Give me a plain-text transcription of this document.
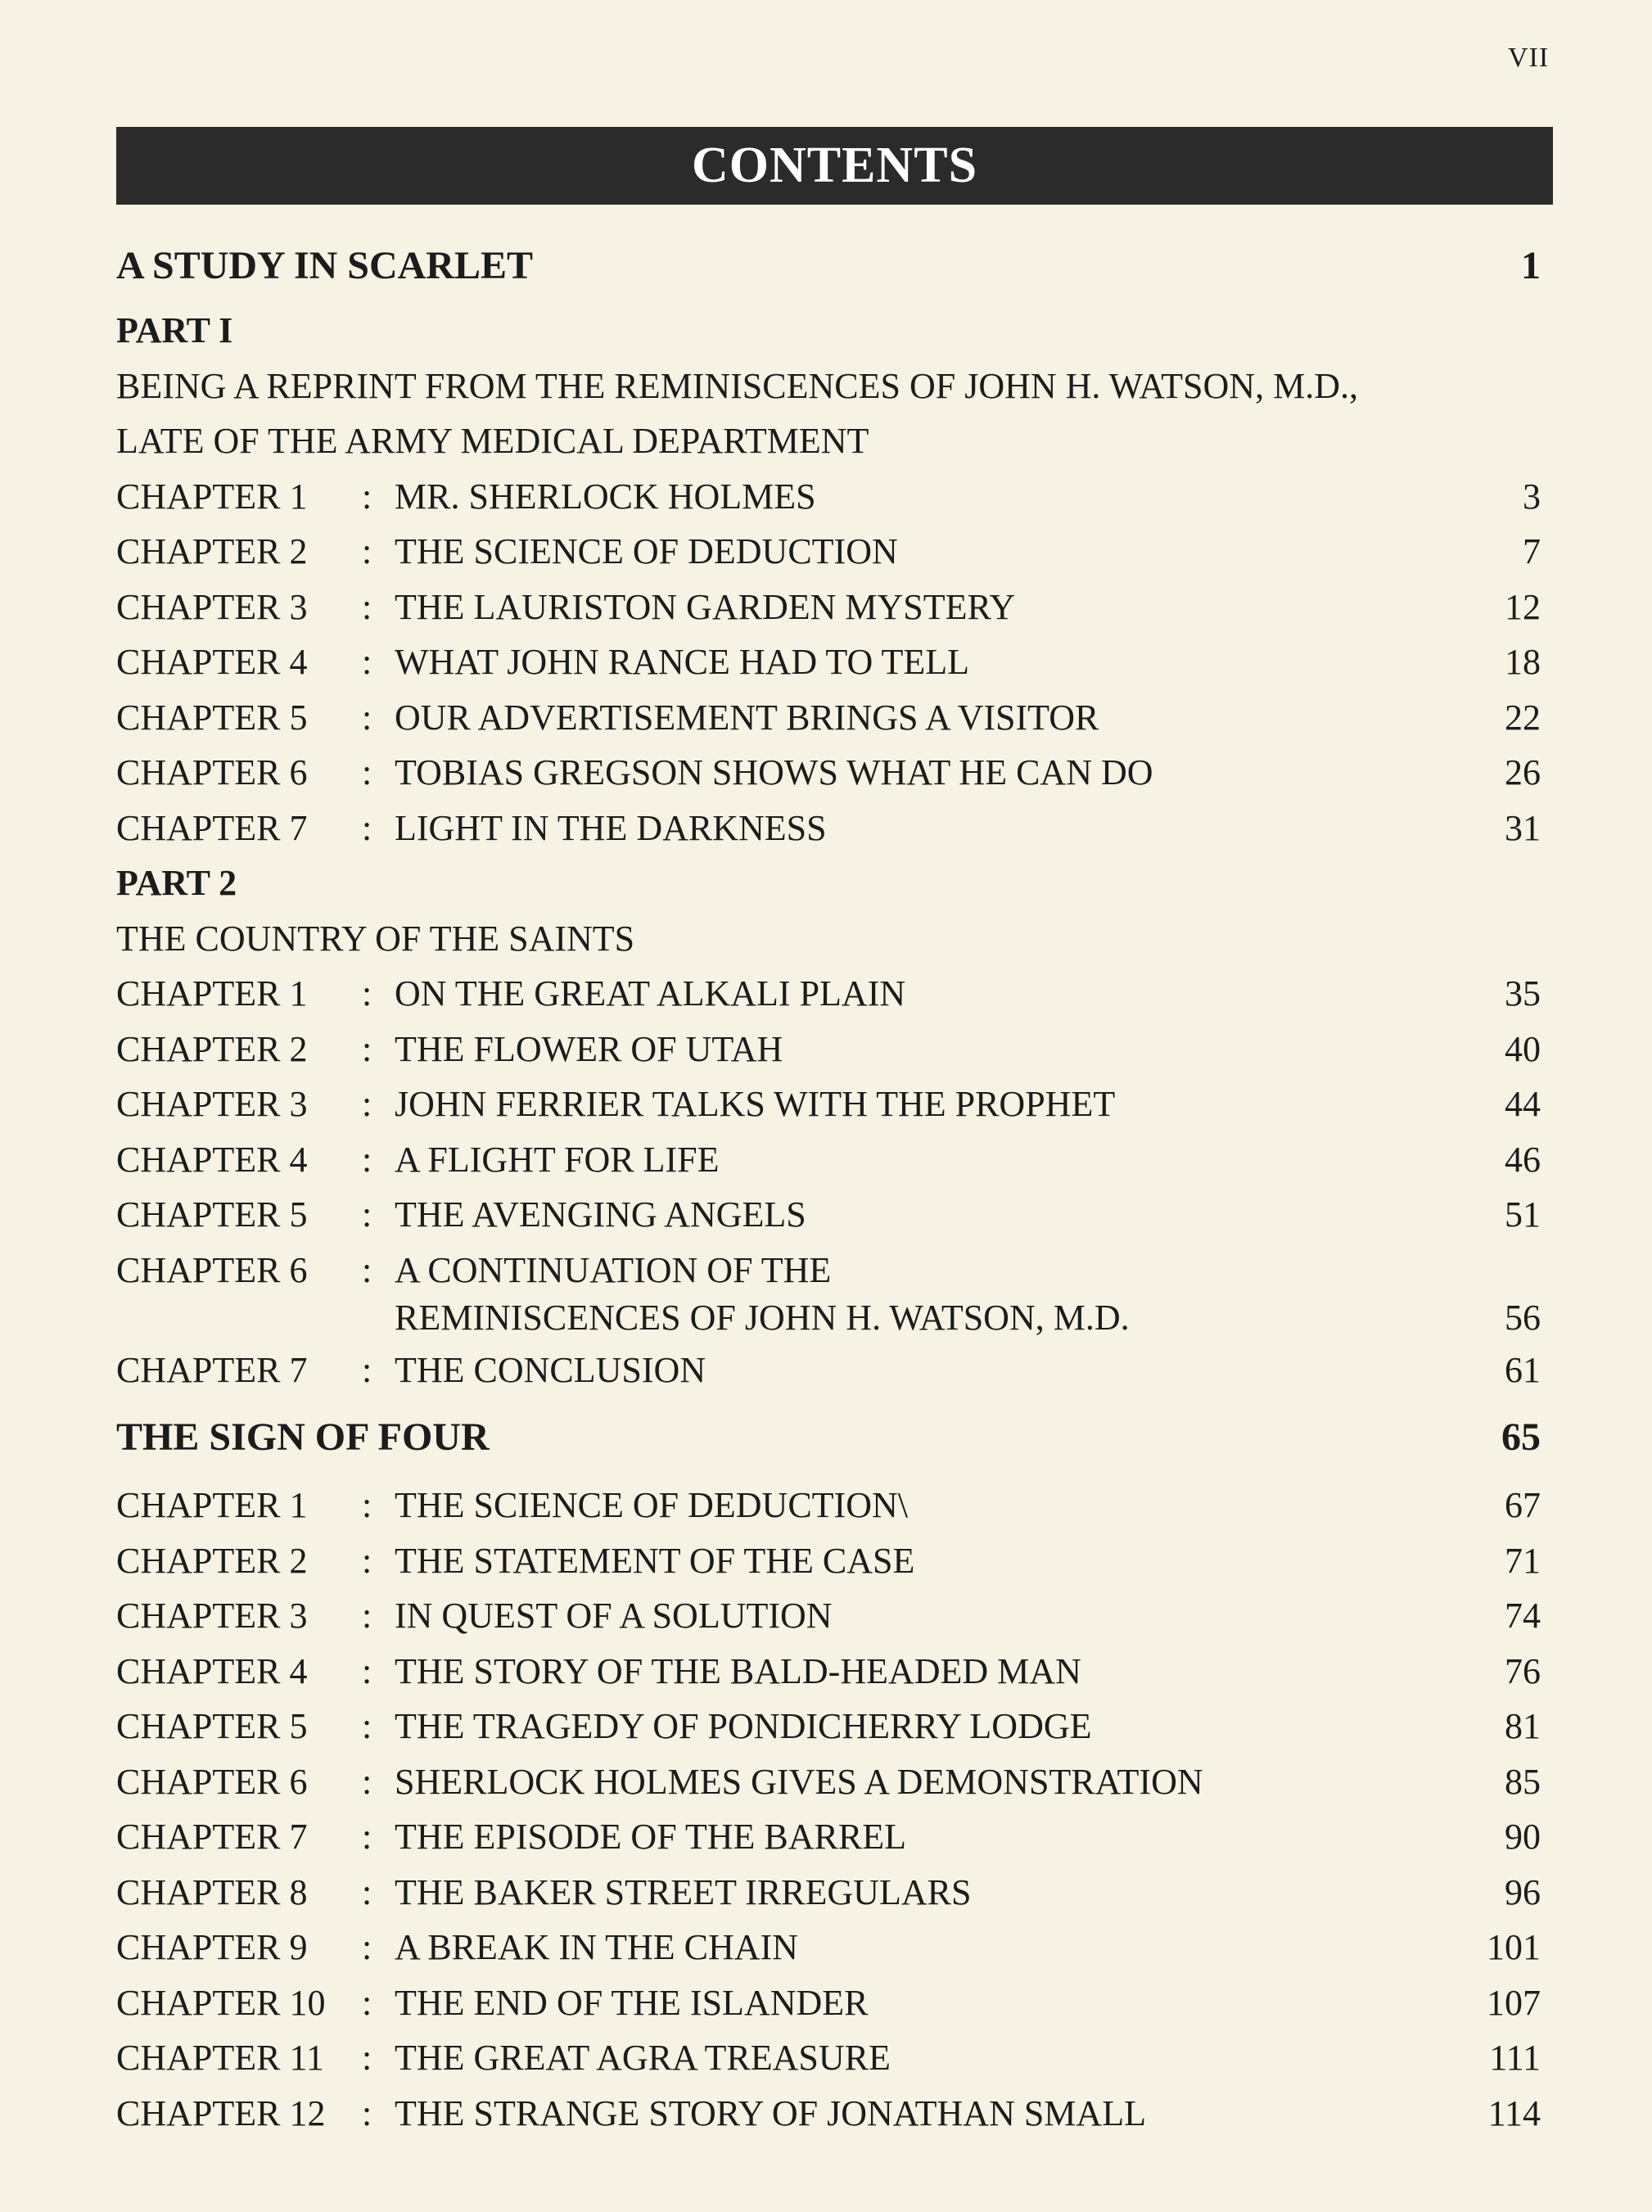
VII
CONTENTS
A STUDY IN SCARLET	1
PART I
BEING A REPRINT FROM THE REMINISCENCES OF JOHN H. WATSON, M.D.,
LATE OF THE ARMY MEDICAL DEPARTMENT
CHAPTER 1 : MR. SHERLOCK HOLMES	3
CHAPTER 2 : THE SCIENCE OF DEDUCTION	7
CHAPTER 3 : THE LAURISTON GARDEN MYSTERY	12
CHAPTER 4 : WHAT JOHN RANCE HAD TO TELL	18
CHAPTER 5 : OUR ADVERTISEMENT BRINGS A VISITOR	22
CHAPTER 6 : TOBIAS GREGSON SHOWS WHAT HE CAN DO	26
CHAPTER 7 : LIGHT IN THE DARKNESS	31
PART 2
THE COUNTRY OF THE SAINTS
CHAPTER 1 : ON THE GREAT ALKALI PLAIN	35
CHAPTER 2 : THE FLOWER OF UTAH	40
CHAPTER 3 : JOHN FERRIER TALKS WITH THE PROPHET	44
CHAPTER 4 : A FLIGHT FOR LIFE	46
CHAPTER 5 : THE AVENGING ANGELS	51
CHAPTER 6 : A CONTINUATION OF THE
REMINISCENCES OF JOHN H. WATSON, M.D.	56
CHAPTER 7 : THE CONCLUSION	61
THE SIGN OF FOUR	65
CHAPTER 1 : THE SCIENCE OF DEDUCTION\	67
CHAPTER 2 : THE STATEMENT OF THE CASE	71
CHAPTER 3 : IN QUEST OF A SOLUTION	74
CHAPTER 4 : THE STORY OF THE BALD-HEADED MAN	76
CHAPTER 5 : THE TRAGEDY OF PONDICHERRY LODGE	81
CHAPTER 6 : SHERLOCK HOLMES GIVES A DEMONSTRATION	85
CHAPTER 7 : THE EPISODE OF THE BARREL	90
CHAPTER 8 : THE BAKER STREET IRREGULARS	96
CHAPTER 9 : A BREAK IN THE CHAIN	101
CHAPTER 10 : THE END OF THE ISLANDER	107
CHAPTER 11 : THE GREAT AGRA TREASURE	111
CHAPTER 12 : THE STRANGE STORY OF JONATHAN SMALL	114
